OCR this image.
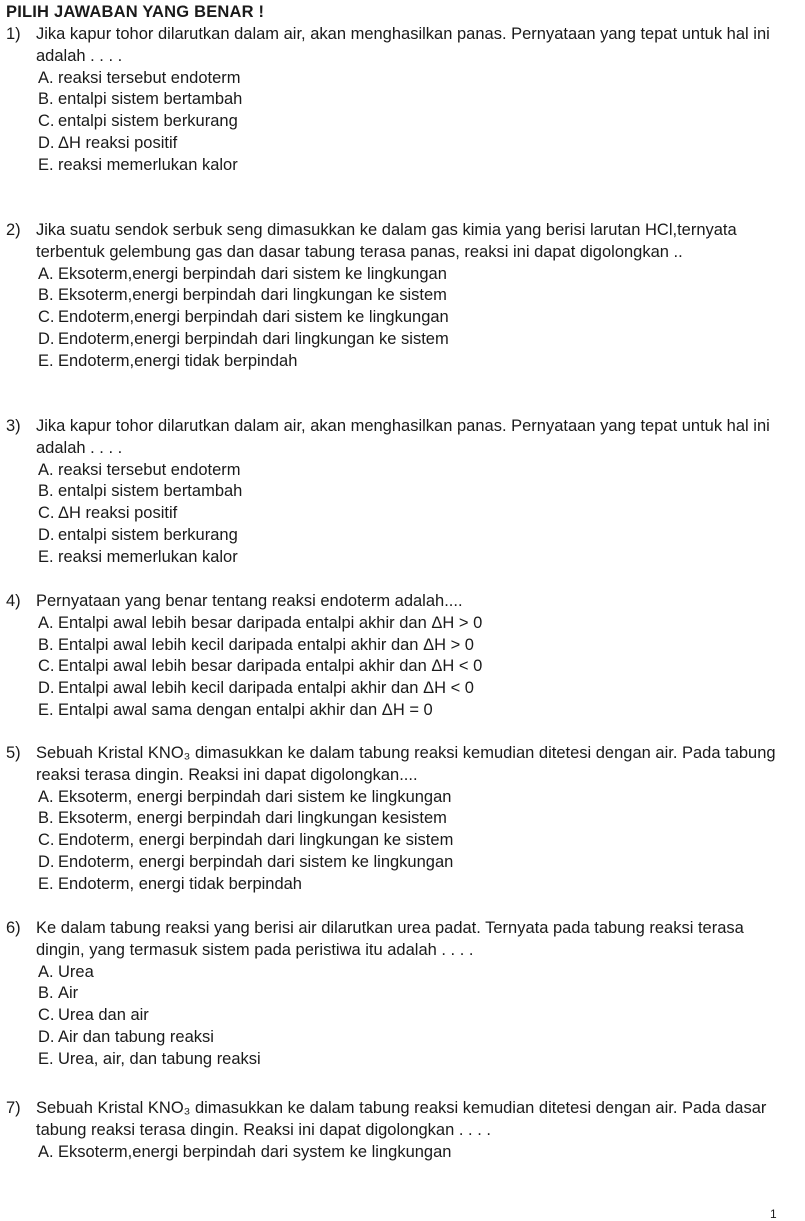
PILIH JAWABAN YANG BENAR !
1) Jika kapur tohor dilarutkan dalam air, akan menghasilkan panas. Pernyataan yang tepat untuk hal ini adalah . . . .
A. reaksi tersebut endoterm
B. entalpi sistem bertambah
C. entalpi sistem berkurang
D. ΔH reaksi positif
E. reaksi memerlukan kalor
2) Jika suatu sendok serbuk seng dimasukkan ke dalam gas kimia yang berisi larutan HCl,ternyata terbentuk gelembung gas dan dasar tabung terasa panas, reaksi ini dapat digolongkan ..
A. Eksoterm,energi berpindah dari sistem ke lingkungan
B. Eksoterm,energi berpindah dari lingkungan ke sistem
C. Endoterm,energi berpindah dari sistem ke lingkungan
D. Endoterm,energi berpindah dari lingkungan ke sistem
E. Endoterm,energi tidak berpindah
3) Jika kapur tohor dilarutkan dalam air, akan menghasilkan panas. Pernyataan yang tepat untuk hal ini adalah . . . .
A. reaksi tersebut endoterm
B. entalpi sistem bertambah
C. ΔH reaksi positif
D. entalpi sistem berkurang
E. reaksi memerlukan kalor
4) Pernyataan yang benar tentang reaksi endoterm adalah....
A. Entalpi awal lebih besar daripada entalpi akhir dan ΔH > 0
B. Entalpi awal lebih kecil daripada entalpi akhir dan ΔH > 0
C. Entalpi awal lebih besar daripada entalpi akhir dan ΔH < 0
D. Entalpi awal lebih kecil daripada entalpi akhir dan ΔH < 0
E. Entalpi awal sama dengan entalpi akhir dan ΔH = 0
5) Sebuah Kristal KNO₃ dimasukkan ke dalam tabung reaksi kemudian ditetesi dengan air. Pada tabung reaksi terasa dingin. Reaksi ini dapat digolongkan....
A. Eksoterm, energi berpindah dari sistem ke lingkungan
B. Eksoterm, energi berpindah dari lingkungan kesistem
C. Endoterm, energi berpindah dari lingkungan ke sistem
D. Endoterm, energi berpindah dari sistem ke lingkungan
E. Endoterm, energi tidak berpindah
6) Ke dalam tabung reaksi yang berisi air dilarutkan urea padat. Ternyata pada tabung reaksi terasa dingin, yang termasuk sistem pada peristiwa itu adalah . . . .
A. Urea
B. Air
C. Urea dan air
D. Air dan tabung reaksi
E. Urea, air, dan tabung reaksi
7) Sebuah Kristal KNO₃ dimasukkan ke dalam tabung reaksi kemudian ditetesi dengan air. Pada dasar tabung reaksi terasa dingin. Reaksi ini dapat digolongkan . . . .
A. Eksoterm,energi berpindah dari system ke lingkungan
1
